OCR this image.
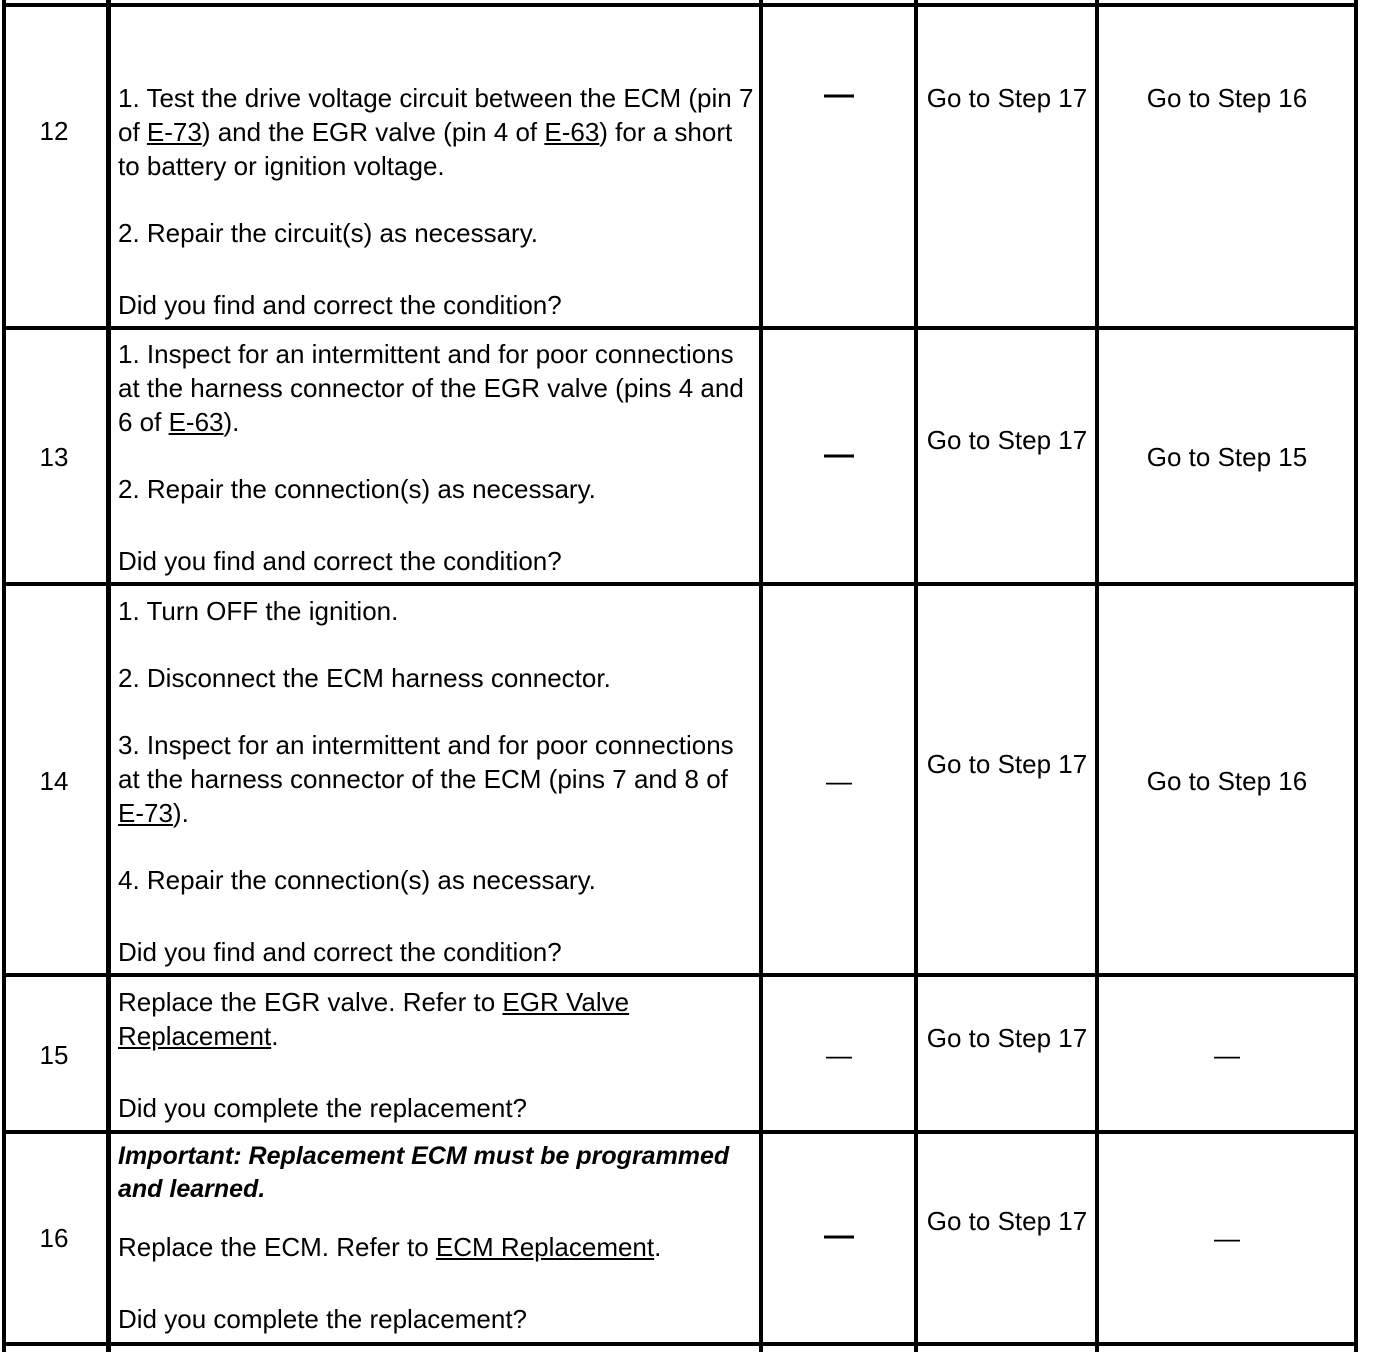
12
1. Test the drive voltage circuit between the ECM (pin 7 of E-73) and the EGR valve (pin 4 of E-63) for a short to battery or ignition voltage.
2. Repair the circuit(s) as necessary.
Did you find and correct the condition?
—	Go to Step 17	Go to Step 16
13
1. Inspect for an intermittent and for poor connections at the harness connector of the EGR valve (pins 4 and 6 of E-63).
2. Repair the connection(s) as necessary.
Did you find and correct the condition?
—	Go to Step 17
Go to Step 15
14
1. Turn OFF the ignition.
2. Disconnect the ECM harness connector.
3. Inspect for an intermittent and for poor connections at the harness connector of the ECM (pins 7 and 8 of E-73).
4. Repair the connection(s) as necessary.
Did you find and correct the condition?
—
Go to Step 17
Go to Step 16
15
Replace the EGR valve. Refer to EGR Valve Replacement.
Did you complete the replacement?
—
Go to Step 17
—
16
Important: Replacement ECM must be programmed and learned.
Replace the ECM. Refer to ECM Replacement.
Did you complete the replacement?
—	Go to Step 17
—
